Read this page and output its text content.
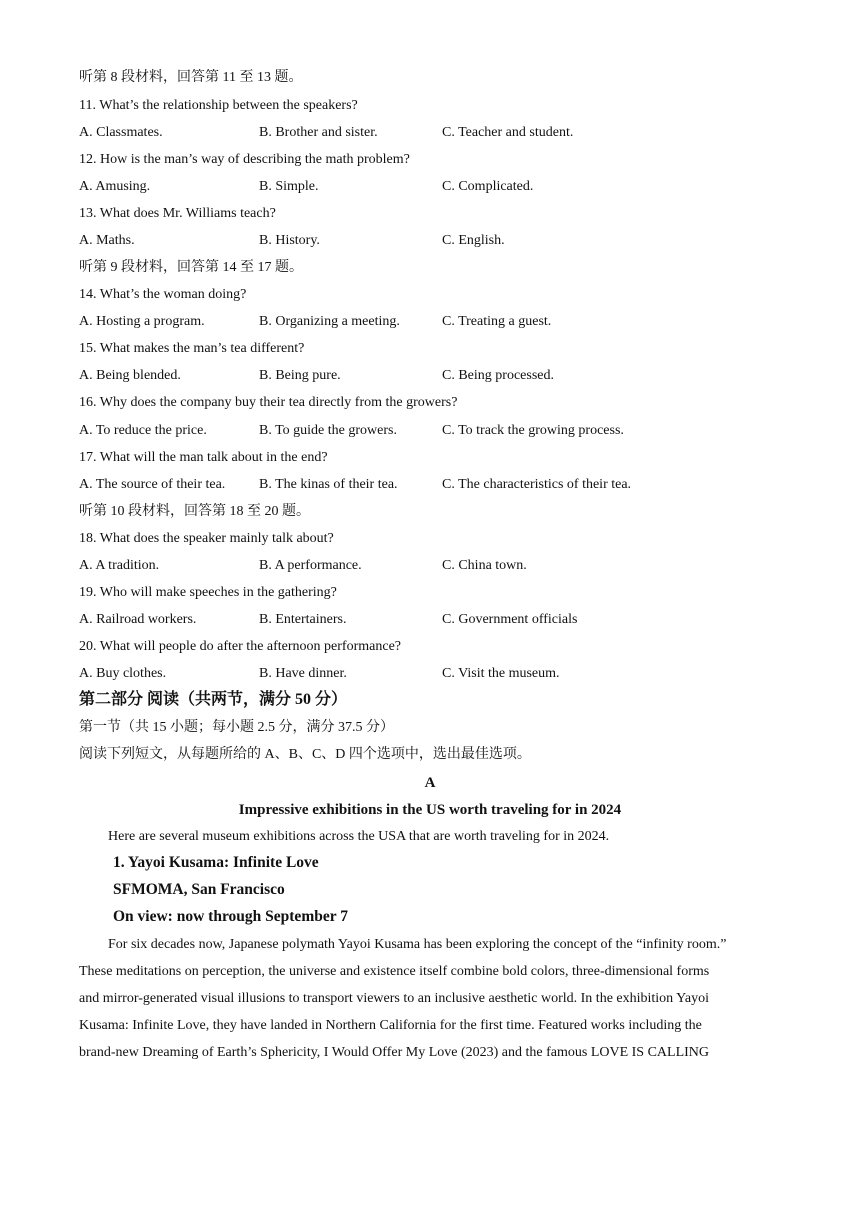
听第 8 段材料，回答第 11 至 13 题。
11. What’s the relationship between the speakers?
A. Classmates.	B. Brother and sister.	C. Teacher and student.
12. How is the man’s way of describing the math problem?
A. Amusing.	B. Simple.	C. Complicated.
13. What does Mr. Williams teach?
A. Maths.	B. History.	C. English.
听第 9 段材料，回答第 14 至 17 题。
14. What’s the woman doing?
A. Hosting a program.	B. Organizing a meeting.	C. Treating a guest.
15. What makes the man’s tea different?
A. Being blended.	B. Being pure.	C. Being processed.
16. Why does the company buy their tea directly from the growers?
A. To reduce the price.	B. To guide the growers.	C. To track the growing process.
17. What will the man talk about in the end?
A. The source of their tea. B. The kinas of their tea.	C. The characteristics of their tea.
听第 10 段材料，回答第 18 至 20 题。
18. What does the speaker mainly talk about?
A. A tradition.	B. A performance.	C. China town.
19. Who will make speeches in the gathering?
A. Railroad workers.	B. Entertainers.	C. Government officials
20. What will people do after the afternoon performance?
A. Buy clothes.	B. Have dinner.	C. Visit the museum.
第二部分 阅读（共两节，满分 50 分）
第一节（共 15 小题；每小题 2.5 分，满分 37.5 分）
阅读下列短文，从每题所给的 A、B、C、D 四个选项中，选出最佳选项。
A
Impressive exhibitions in the US worth traveling for in 2024
Here are several museum exhibitions across the USA that are worth traveling for in 2024.
1. Yayoi Kusama: Infinite Love
SFMOMA, San Francisco
On view: now through September 7
For six decades now, Japanese polymath Yayoi Kusama has been exploring the concept of the “infinity room.”
These meditations on perception, the universe and existence itself combine bold colors, three-dimensional forms
and mirror-generated visual illusions to transport viewers to an inclusive aesthetic world. In the exhibition Yayoi
Kusama: Infinite Love, they have landed in Northern California for the first time. Featured works including the
brand-new Dreaming of Earth’s Sphericity, I Would Offer My Love (2023) and the famous LOVE IS CALLING
